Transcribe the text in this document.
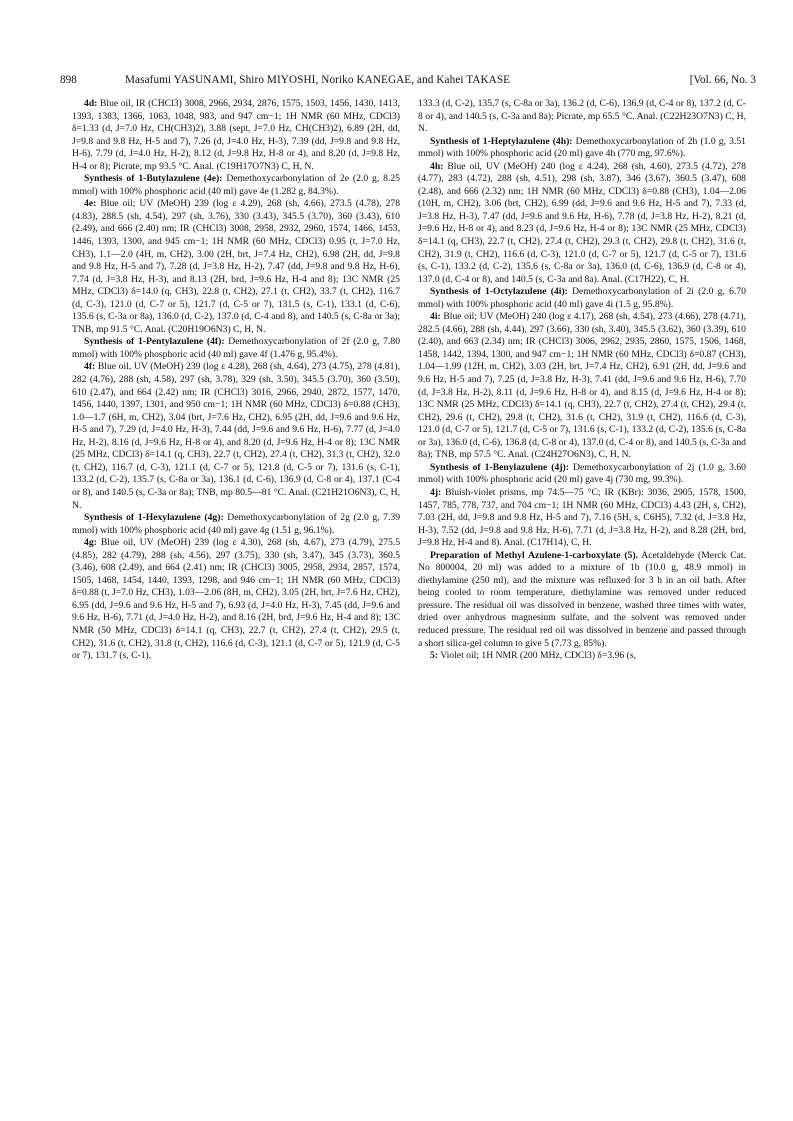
898	Masafumi YASUNAMI, Shiro MIYOSHI, Noriko KANEGAE, and Kahei TAKASE	[Vol. 66, No. 3

4d: Blue oil, IR (CHCl3) 3008, 2966, 2934, 2876, 1575, 1503, 1456, 1430, 1413, 1393, 1383, 1366, 1063, 1048, 983, and 947 cm−1; 1H NMR (60 MHz, CDCl3) δ=1.33 (d, J=7.0 Hz, CH(CH3)2), 3.88 (sept, J=7.0 Hz, CH(CH3)2), 6.89 (2H, dd, J=9.8 and 9.8 Hz, H-5 and 7), 7.26 (d, J=4.0 Hz, H-3), 7.39 (dd, J=9.8 and 9.8 Hz, H-6), 7.79 (d, J=4.0 Hz, H-2), 8.12 (d, J=9.8 Hz, H-8 or 4), and 8.20 (d, J=9.8 Hz, H-4 or 8); Picrate, mp 93.5 °C. Anal. (C19H17O7N3) C, H, N.

Synthesis of 1-Butylazulene (4e): Demethoxycarbonylation of 2e (2.0 g, 8.25 mmol) with 100% phosphoric acid (40 ml) gave 4e (1.282 g, 84.3%).

4e: Blue oil; UV (MeOH) 239 (log ε 4.29), 268 (sh, 4.66), 273.5 (4.78), 278 (4.83), 288.5 (sh, 4.54), 297 (sh, 3.76), 330 (3.43), 345.5 (3.70), 360 (3.43), 610 (2.49), and 666 (2.40) nm; IR (CHCl3) 3008, 2958, 2932, 2960, 1574, 1466, 1453, 1446, 1393, 1300, and 945 cm−1; 1H NMR (60 MHz, CDCl3) 0.95 (t, J=7.0 Hz, CH3), 1.1—2.0 (4H, m, CH2), 3.00 (2H, brt, J=7.4 Hz, CH2), 6.98 (2H, dd, J=9.8 and 9.8 Hz, H-5 and 7), 7.28 (d, J=3.8 Hz, H-2), 7.47 (dd, J=9.8 and 9.8 Hz, H-6), 7.74 (d, J=3.8 Hz, H-3), and 8.13 (2H, brd, J=9.6 Hz, H-4 and 8); 13C NMR (25 MHz, CDCl3) δ=14.0 (q, CH3), 22.8 (t, CH2), 27.1 (t, CH2), 33.7 (t, CH2), 116.7 (d, C-3), 121.0 (d, C-7 or 5), 121.7 (d, C-5 or 7), 131.5 (s, C-1), 133.1 (d, C-6), 135.6 (s, C-3a or 8a), 136.0 (d, C-2), 137.0 (d, C-4 and 8), and 140.5 (s, C-8a or 3a); TNB, mp 91.5 °C. Anal. (C20H19O6N3) C, H, N.

Synthesis of 1-Pentylazulene (4f): Demethoxycarbonylation of 2f (2.0 g, 7.80 mmol) with 100% phosphoric acid (40 ml) gave 4f (1.476 g, 95.4%).

4f: Blue oil, UV (MeOH) 239 (log ε 4.28), 268 (sh, 4.64), 273 (4.75), 278 (4.81), 282 (4.76), 288 (sh, 4.58), 297 (sh, 3.78), 329 (sh, 3.50), 345.5 (3.70), 360 (3.50), 610 (2.47), and 664 (2.42) nm; IR (CHCl3) 3016, 2966, 2940, 2872, 1577, 1470, 1456, 1440, 1397, 1301, and 950 cm−1; 1H NMR (60 MHz, CDCl3) δ=0.88 (CH3), 1.0—1.7 (6H, m, CH2), 3.04 (brt, J=7.6 Hz, CH2), 6.95 (2H, dd, J=9.6 and 9.6 Hz, H-5 and 7), 7.29 (d, J=4.0 Hz, H-3), 7.44 (dd, J=9.6 and 9.6 Hz, H-6), 7.77 (d, J=4.0 Hz, H-2), 8.16 (d, J=9.6 Hz, H-8 or 4), and 8.20 (d, J=9.6 Hz, H-4 or 8); 13C NMR (25 MHz, CDCl3) δ=14.1 (q, CH3), 22.7 (t, CH2), 27.4 (t, CH2), 31.3 (t, CH2), 32.0 (t, CH2), 116.7 (d, C-3), 121.1 (d, C-7 or 5), 121.8 (d, C-5 or 7), 131.6 (s, C-1), 133.2 (d, C-2), 135.7 (s, C-8a or 3a), 136.1 (d, C-6), 136.9 (d, C-8 or 4), 137.1 (C-4 or 8), and 140.5 (s, C-3a or 8a); TNB, mp 80.5—81 °C. Anal. (C21H21O6N3), C, H, N.

Synthesis of 1-Hexylazulene (4g): Demethoxycarbonylation of 2g (2.0 g, 7.39 mmol) with 100% phosphoric acid (40 ml) gave 4g (1.51 g, 96.1%).

4g: Blue oil, UV (MeOH) 239 (log ε 4.30), 268 (sh, 4.67), 273 (4.79), 275.5 (4.85), 282 (4.79), 288 (sh, 4.56), 297 (3.75), 330 (sh, 3.47), 345 (3.73), 360.5 (3.46), 608 (2.49), and 664 (2.41) nm; IR (CHCl3) 3005, 2958, 2934, 2857, 1574, 1505, 1468, 1454, 1440, 1393, 1298, and 946 cm−1; 1H NMR (60 MHz, CDCl3) δ=0.88 (t, J=7.0 Hz, CH3), 1.03—2.06 (8H, m, CH2), 3.05 (2H, brt, J=7.6 Hz, CH2), 6.95 (dd, J=9.6 and 9.6 Hz, H-5 and 7), 6.93 (d, J=4.0 Hz, H-3), 7.45 (dd, J=9.6 and 9.6 Hz, H-6), 7.71 (d, J=4.0 Hz, H-2), and 8.16 (2H, brd, J=9.6 Hz, H-4 and 8); 13C NMR (50 MHz, CDCl3) δ=14.1 (q, CH3), 22.7 (t, CH2), 27.4 (t, CH2), 29.5 (t, CH2), 31.6 (t, CH2), 31.8 (t, CH2), 116.6 (d, C-3), 121.1 (d, C-7 or 5), 121.9 (d, C-5 or 7), 131.7 (s, C-1),

133.3 (d, C-2), 135.7 (s, C-8a or 3a), 136.2 (d, C-6), 136.9 (d, C-4 or 8), 137.2 (d, C-8 or 4), and 140.5 (s, C-3a and 8a); Picrate, mp 65.5 °C. Anal. (C22H23O7N3) C, H, N.

Synthesis of 1-Heptylazulene (4h): Demethoxycarbonylation of 2h (1.0 g, 3.51 mmol) with 100% phosphoric acid (20 ml) gave 4h (770 mg, 97.6%).

4h: Blue oil, UV (MeOH) 240 (log ε 4.24), 268 (sh, 4.60), 273.5 (4.72), 278 (4.77), 283 (4.72), 288 (sh, 4.51), 298 (sh, 3.87), 346 (3.67), 360.5 (3.47), 608 (2.48), and 666 (2.32) nm; 1H NMR (60 MHz, CDCl3) δ=0.88 (CH3), 1.04—2.06 (10H, m, CH2), 3.06 (brt, CH2), 6.99 (dd, J=9.6 and 9.6 Hz, H-5 and 7), 7.33 (d, J=3.8 Hz, H-3), 7.47 (dd, J=9.6 and 9.6 Hz, H-6), 7.78 (d, J=3.8 Hz, H-2), 8.21 (d, J=9.6 Hz, H-8 or 4), and 8.23 (d, J=9.6 Hz, H-4 or 8); 13C NMR (25 MHz, CDCl3) δ=14.1 (q, CH3), 22.7 (t, CH2), 27.4 (t, CH2), 29.3 (t, CH2), 29.8 (t, CH2), 31.6 (t, CH2), 31.9 (t, CH2), 116.6 (d, C-3), 121.0 (d, C-7 or 5), 121.7 (d, C-5 or 7), 131.6 (s, C-1), 133.2 (d, C-2), 135.6 (s, C-8a or 3a), 136.0 (d, C-6), 136.9 (d, C-8 or 4), 137.0 (d, C-4 or 8), and 140.5 (s, C-3a and 8a). Anal. (C17H22), C, H.

Synthesis of 1-Octylazulene (4i): Demethoxycarbonylation of 2i (2.0 g, 6.70 mmol) with 100% phosphoric acid (40 ml) gave 4i (1.5 g, 95.8%).

4i: Blue oil; UV (MeOH) 240 (log ε 4.17), 268 (sh, 4.54), 273 (4.66), 278 (4.71), 282.5 (4.66), 288 (sh, 4.44), 297 (3.66), 330 (sh, 3.40), 345.5 (3.62), 360 (3.39), 610 (2.40), and 663 (2.34) nm; IR (CHCl3) 3006, 2962, 2935, 2860, 1575, 1506, 1468, 1458, 1442, 1394, 1300, and 947 cm−1; 1H NMR (60 MHz, CDCl3) δ=0.87 (CH3), 1.04—1.99 (12H, m, CH2), 3.03 (2H, brt, J=7.4 Hz, CH2), 6.91 (2H, dd, J=9.6 and 9.6 Hz, H-5 and 7), 7.25 (d, J=3.8 Hz, H-3), 7.41 (dd, J=9.6 and 9.6 Hz, H-6), 7.70 (d, J=3.8 Hz, H-2), 8.11 (d, J=9.6 Hz, H-8 or 4), and 8.15 (d, J=9.6 Hz, H-4 or 8); 13C NMR (25 MHz, CDCl3) δ=14.1 (q, CH3), 22.7 (t, CH2), 27.4 (t, CH2), 29.4 (t, CH2), 29.6 (t, CH2), 29.8 (t, CH2), 31.6 (t, CH2), 31.9 (t, CH2), 116.6 (d, C-3), 121.0 (d, C-7 or 5), 121.7 (d, C-5 or 7), 131.6 (s, C-1), 133.2 (d, C-2), 135.6 (s, C-8a or 3a), 136.0 (d, C-6), 136.8 (d, C-8 or 4), 137.0 (d, C-4 or 8), and 140.5 (s, C-3a and 8a); TNB, mp 57.5 °C. Anal. (C24H27O6N3), C, H, N.

Synthesis of 1-Benylazulene (4j): Demethoxycarbonylation of 2j (1.0 g, 3.60 mmol) with 100% phosphoric acid (20 ml) gave 4j (730 mg, 99.3%).

4j: Bluish-violet prisms, mp 74.5—75 °C; IR (KBr): 3036, 2905, 1578, 1500, 1457, 785, 778, 737, and 704 cm−1; 1H NMR (60 MHz, CDCl3) 4.43 (2H, s, CH2), 7.03 (2H, dd, J=9.8 and 9.8 Hz, H-5 and 7), 7.16 (5H, s, C6H5), 7.32 (d, J=3.8 Hz, H-3), 7.52 (dd, J=9.8 and 9.8 Hz, H-6), 7.71 (d, J=3.8 Hz, H-2), and 8.28 (2H, brd, J=9.8 Hz, H-4 and 8). Anal. (C17H14), C, H.

Preparation of Methyl Azulene-1-carboxylate (5). Acetaldehyde (Merck Cat. No 800004, 20 ml) was added to a mixture of 1b (10.0 g, 48.9 mmol) in diethylamine (250 ml), and the mixture was refluxed for 3 h in an oil bath. After being cooled to room temperature, diethylamine was removed under reduced pressure. The residual oil was dissolved in benzene, washed three times with water, dried over anhydrous magnesium sulfate, and the solvent was removed under reduced pressure. The residual red oil was dissolved in benzene and passed through a short silica-gel column to give 5 (7.73 g, 85%).

5: Violet oil; 1H NMR (200 MHz, CDCl3) δ=3.96 (s,
